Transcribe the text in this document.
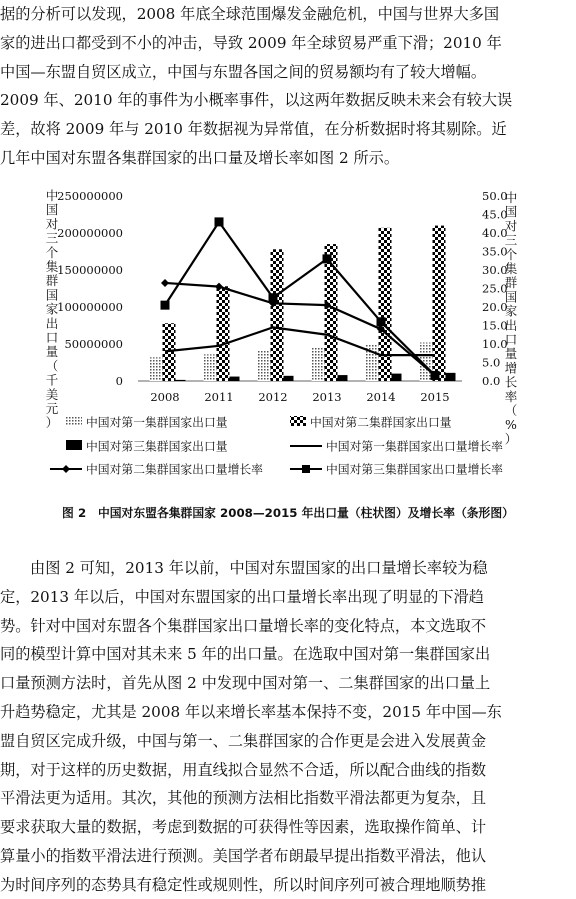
据的分析可以发现，2008 年底全球范围爆发金融危机，中国与世界大多国
家的进出口都受到不小的冲击，导致 2009 年全球贸易严重下滑；2010 年
中国—东盟自贸区成立，中国与东盟各国之间的贸易额均有了较大增幅。
2009 年、2010 年的事件为小概率事件，以这两年数据反映未来会有较大误
差，故将 2009 年与 2010 年数据视为异常值，在分析数据时将其剔除。近
几年中国对东盟各集群国家的出口量及增长率如图 2 所示。
0
50000000
100000000
150000000
200000000
250000000
0.0
5.0
10.0
15.0
20.0
25.0
30.0
35.0
40.0
45.0
50.0
2008 2011 2012 2013 2014 2015
中国对三个集群国家出口量（千美元）
中国对三个集群国家出口量增长率（%）
中国对第一集群国家出口量	中国对第二集群国家出口量
中国对第三集群国家出口量	中国对第一集群国家出口量增长率
中国对第二集群国家出口量增长率	中国对第三集群国家出口量增长率
图 2　中国对东盟各集群国家 2008—2015 年出口量（柱状图）及增长率（条形图）
由图 2 可知，2013 年以前，中国对东盟国家的出口量增长率较为稳
定，2013 年以后，中国对东盟国家的出口量增长率出现了明显的下滑趋
势。针对中国对东盟各个集群国家出口量增长率的变化特点，本文选取不
同的模型计算中国对其未来 5 年的出口量。在选取中国对第一集群国家出
口量预测方法时，首先从图 2 中发现中国对第一、二集群国家的出口量上
升趋势稳定，尤其是 2008 年以来增长率基本保持不变，2015 年中国—东
盟自贸区完成升级，中国与第一、二集群国家的合作更是会进入发展黄金
期，对于这样的历史数据，用直线拟合显然不合适，所以配合曲线的指数
平滑法更为适用。其次，其他的预测方法相比指数平滑法都更为复杂，且
要求获取大量的数据，考虑到数据的可获得性等因素，选取操作简单、计
算量小的指数平滑法进行预测。美国学者布朗最早提出指数平滑法，他认
为时间序列的态势具有稳定性或规则性，所以时间序列可被合理地顺势推
